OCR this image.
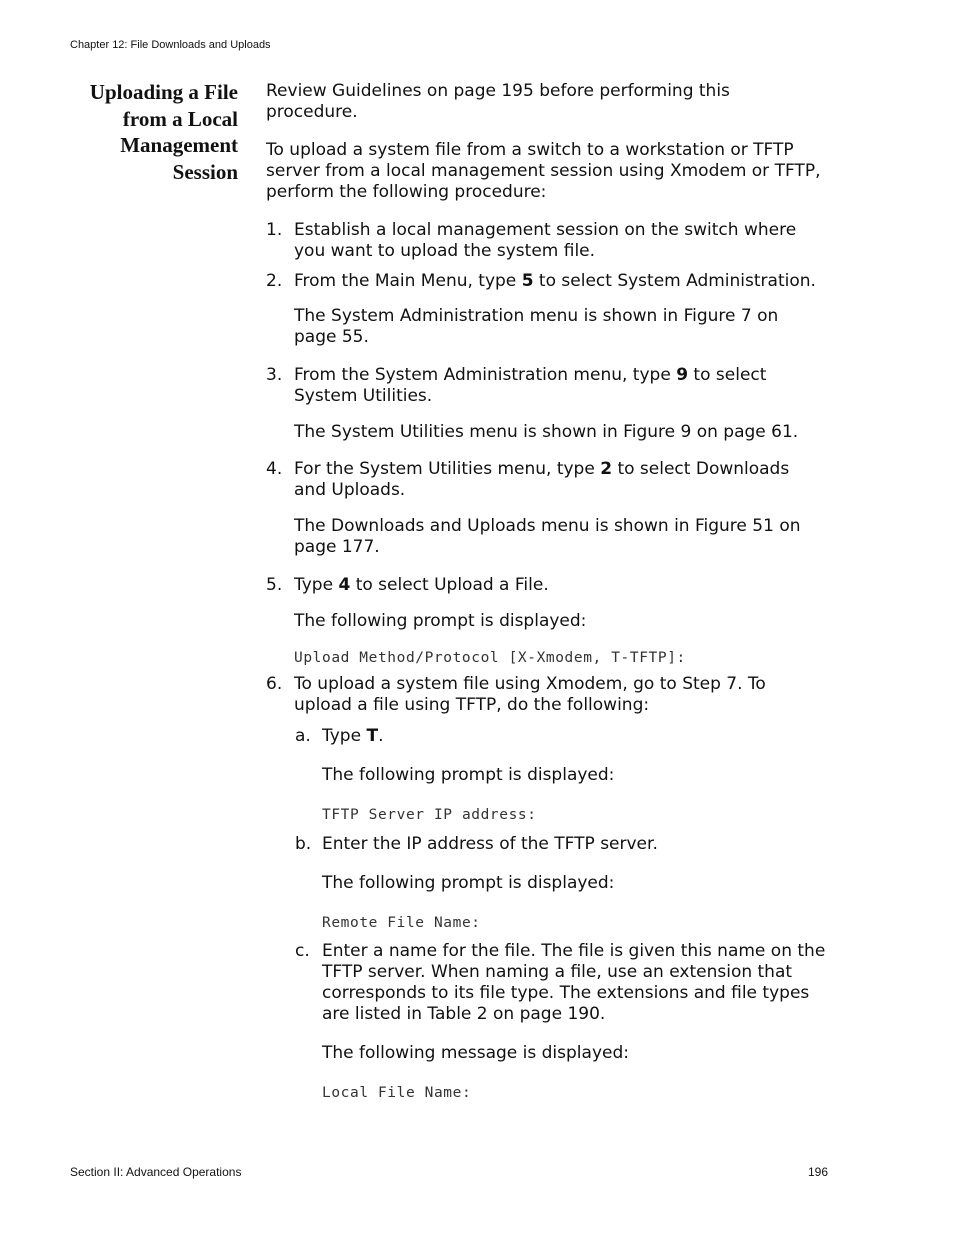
Chapter 12: File Downloads and Uploads
Uploading a File
from a Local
Management
Session

Review Guidelines on page 195 before performing this procedure.

To upload a system file from a switch to a workstation or TFTP server from a local management session using Xmodem or TFTP, perform the following procedure:

1. Establish a local management session on the switch where you want to upload the system file.
2. From the Main Menu, type 5 to select System Administration.

The System Administration menu is shown in Figure 7 on page 55.

3. From the System Administration menu, type 9 to select System Utilities.

The System Utilities menu is shown in Figure 9 on page 61.

4. For the System Utilities menu, type 2 to select Downloads and Uploads.

The Downloads and Uploads menu is shown in Figure 51 on page 177.

5. Type 4 to select Upload a File.

The following prompt is displayed:

Upload Method/Protocol [X-Xmodem, T-TFTP]:

6. To upload a system file using Xmodem, go to Step 7. To upload a file using TFTP, do the following:
a. Type T.

The following prompt is displayed:

TFTP Server IP address:

b. Enter the IP address of the TFTP server.

The following prompt is displayed:

Remote File Name:

c. Enter a name for the file. The file is given this name on the TFTP server. When naming a file, use an extension that corresponds to its file type. The extensions and file types are listed in Table 2 on page 190.

The following message is displayed:

Local File Name:

Section II: Advanced Operations	196
